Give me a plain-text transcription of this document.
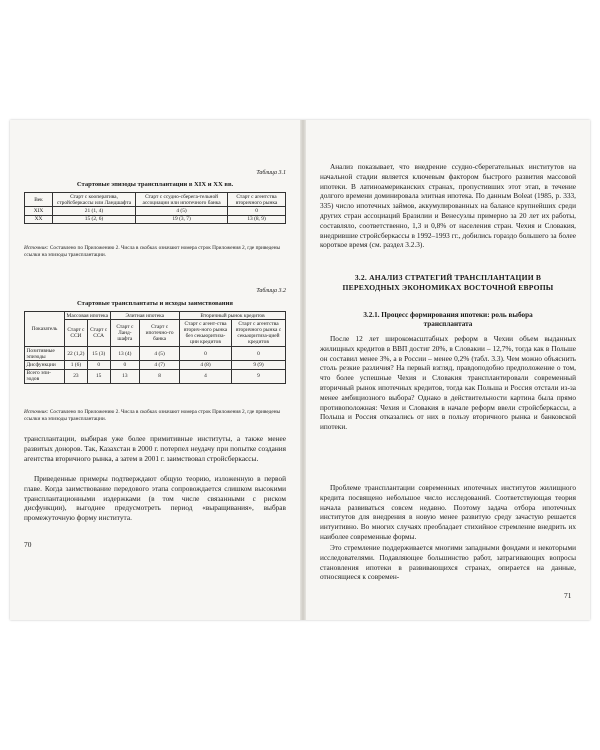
Таблица 3.1
Стартовые эпизоды трансплантации в XIX и XX вв.
Век	Старт с кооператива, стройсберкассы или Ландшафта	Старт с ссудно-сберега-тельной ассоциации или ипотечного банка	Старт с агентства вторичного рынка
XIX	21 (1, 4)	4 (5)	0
XX	15 (2, 6)	19 (3, 7)	13 (8, 9)
Источник: Составлено по Приложению 2. Числа в скобках означают номера строк Приложения 2, где приведены ссылки на эпизоды трансплантации.
Таблица 3.2
Стартовые трансплантаты и исходы заимствования
Показатель	Массовая ипотека		Элитная ипотека		Вторичный рынок кредитов	
	Старт с ССИ	Старт с ССА	Старт с Ланд-шафта	Старт с ипотечно-го банка	Старт с агент-ства вторич-ного рынка без секьюритиза-ции кредитов	Старт с агентства вторичного рынка с секьюритиза-цией кредитов
Позитивные эпизоды	22 (1,2)	15 (3)	13 (4)	4 (5)	0	0
Дисфункции	1 (6)	0	0	4 (7)	4 (8)	9 (9)
Всего эпи-зодов	23	15	13	8	4	9
Источник: Составлено по Приложению 2. Числа в скобках означают номера строк Приложения 2, где приведены ссылки на эпизоды трансплантации.

трансплантации, выбирая уже более примитивные институты, а также менее развитых доноров. Так, Казахстан в 2000 г. потерпел неудачу при попытке создания агентства вторичного рынка, а затем в 2001 г. заимствовал стройсберкассы.

Приведенные примеры подтверждают общую теорию, изложенную в первой главе. Когда заимствование передового этапа сопровождается слишком высокими трансплантационными издержками (в том числе связанными с риском дисфункции), выгоднее предусмотреть период «выращивания», выбрав промежуточную форму института.

70

Анализ показывает, что внедрение ссудно-сберегательных институтов на начальной стадии является ключевым фактором быстрого развития массовой ипотеки. В латиноамериканских странах, пропустивших этот этап, в течение долгого времени доминировала элитная ипотека. По данным Boleat (1985, p. 333, 335) число ипотечных займов, аккумулированных на балансе крупнейших среди других стран ассоциаций Бразилии и Венесуэлы примерно за 20 лет их работы, составляло, соответственно, 1,3 и 0,8% от населения стран. Чехия и Словакия, внедрившие стройсберкассы в 1992–1993 гг., добились гораздо большего за более короткое время (см. раздел 3.2.3).

3.2. АНАЛИЗ СТРАТЕГИЙ ТРАНСПЛАНТАЦИИ В ПЕРЕХОДНЫХ ЭКОНОМИКАХ ВОСТОЧНОЙ ЕВРОПЫ
3.2.1. Процесс формирования ипотеки: роль выбора трансплантата

После 12 лет широкомасштабных реформ в Чехии объем выданных жилищных кредитов в ВВП достиг 20%, в Словакии – 12,7%, тогда как в Польше он составил менее 3%, а в России – менее 0,2% (табл. 3.3). Чем можно объяснить столь резкие различия? На первый взгляд, правдоподобно предположение о том, что более успешные Чехия и Словакия трансплантировали современный вторичный рынок ипотечных кредитов, тогда как Польша и Россия отстали из-за менее амбициозного выбора? Однако в действительности картина была прямо противоположная: Чехия и Словакия в начале реформ ввели стройсберкассы, а Польша и Россия отказались от них в пользу вторичного рынка и банковской ипотеки.

Проблеме трансплантации современных ипотечных институтов жилищного кредита посвящено небольшое число исследований. Соответствующая теория начала развиваться совсем недавно. Поэтому задача отбора ипотечных институтов для внедрения в новую менее развитую среду зачастую решается интуитивно. Во многих случаях преобладает стихийное стремление внедрить их наиболее современные формы.

Это стремление поддерживается многими западными фондами и некоторыми исследователями. Подавляющее большинство работ, затрагивающих вопросы становления ипотеки в развивающихся странах, опирается на данные, относящиеся к современ-

71
